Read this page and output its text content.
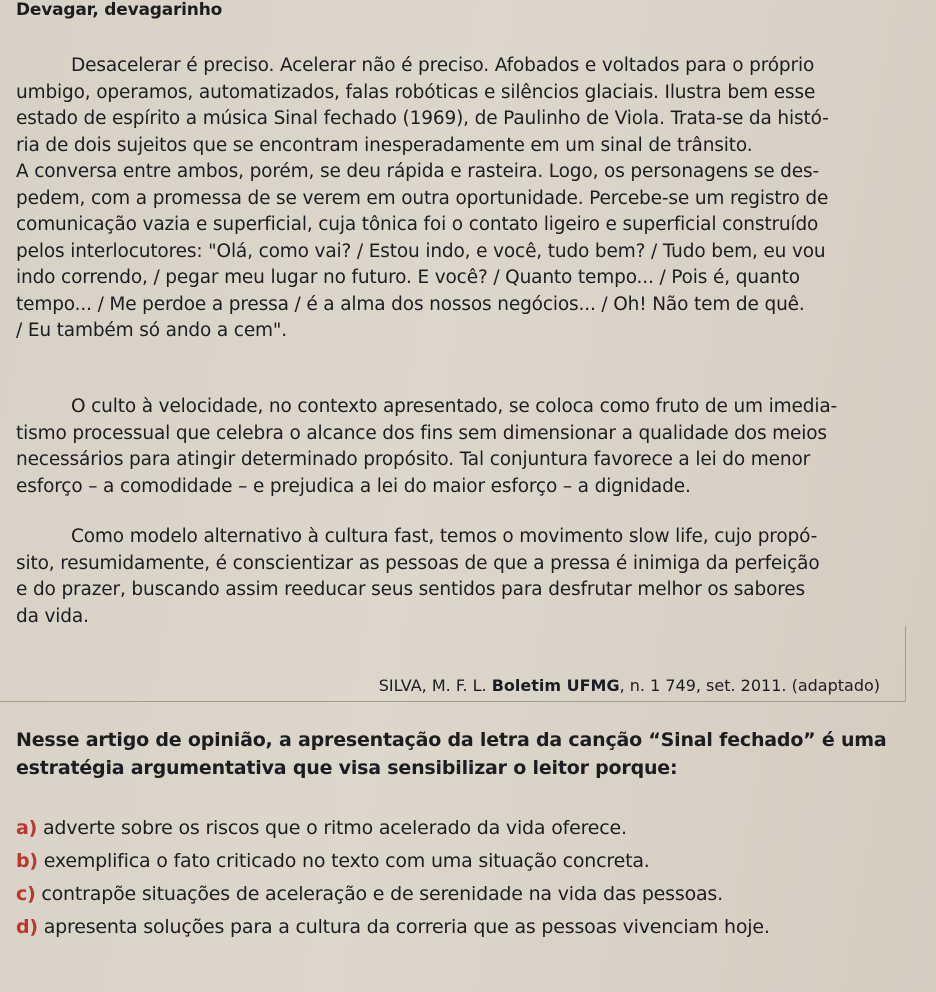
Devagar, devagarinho

Desacelerar é preciso. Acelerar não é preciso. Afobados e voltados para o próprio
umbigo, operamos, automatizados, falas robóticas e silêncios glaciais. Ilustra bem esse
estado de espírito a música Sinal fechado (1969), de Paulinho de Viola. Trata-se da histó-
ria de dois sujeitos que se encontram inesperadamente em um sinal de trânsito.
A conversa entre ambos, porém, se deu rápida e rasteira. Logo, os personagens se des-
pedem, com a promessa de se verem em outra oportunidade. Percebe-se um registro de
comunicação vazia e superficial, cuja tônica foi o contato ligeiro e superficial construído
pelos interlocutores: "Olá, como vai? / Estou indo, e você, tudo bem? / Tudo bem, eu vou
indo correndo, / pegar meu lugar no futuro. E você? / Quanto tempo... / Pois é, quanto
tempo... / Me perdoe a pressa / é a alma dos nossos negócios... / Oh! Não tem de quê.
/ Eu também só ando a cem".

O culto à velocidade, no contexto apresentado, se coloca como fruto de um imedia-
tismo processual que celebra o alcance dos fins sem dimensionar a qualidade dos meios
necessários para atingir determinado propósito. Tal conjuntura favorece a lei do menor
esforço – a comodidade – e prejudica a lei do maior esforço – a dignidade.

Como modelo alternativo à cultura fast, temos o movimento slow life, cujo propó-
sito, resumidamente, é conscientizar as pessoas de que a pressa é inimiga da perfeição
e do prazer, buscando assim reeducar seus sentidos para desfrutar melhor os sabores
da vida.

SILVA, M. F. L. Boletim UFMG, n. 1 749, set. 2011. (adaptado)
Nesse artigo de opinião, a apresentação da letra da canção “Sinal fechado” é uma
estratégia argumentativa que visa sensibilizar o leitor porque:
a) adverte sobre os riscos que o ritmo acelerado da vida oferece.
b) exemplifica o fato criticado no texto com uma situação concreta.
c) contrapõe situações de aceleração e de serenidade na vida das pessoas.
d) apresenta soluções para a cultura da correria que as pessoas vivenciam hoje.
